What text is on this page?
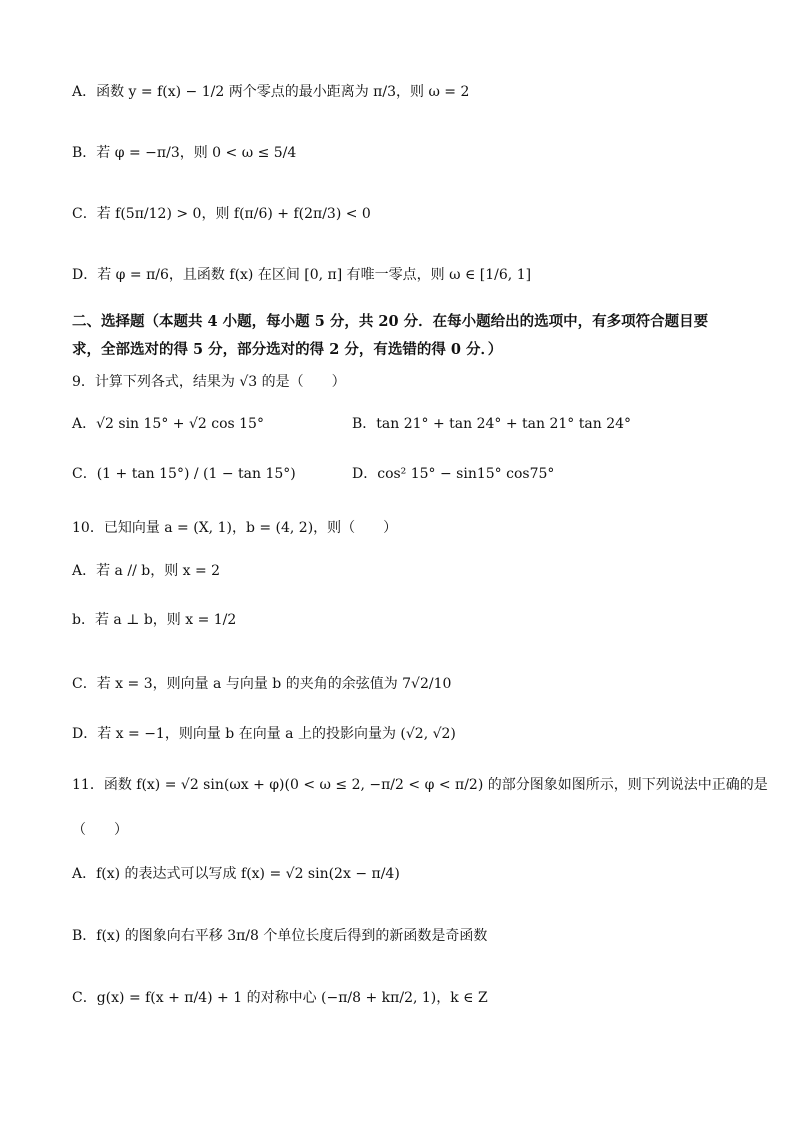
A．函数 y = f(x) − 1/2 两个零点的最小距离为 π/3，则 ω = 2
B．若 φ = −π/3，则 0 < ω ≤ 5/4
C．若 f(5π/12) > 0，则 f(π/6) + f(2π/3) < 0
D．若 φ = π/6，且函数 f(x) 在区间 [0, π] 有唯一零点，则 ω ∈ [1/6, 1]
二、选择题（本题共 4 小题，每小题 5 分，共 20 分．在每小题给出的选项中，有多项符合题目要求，全部选对的得 5 分，部分选对的得 2 分，有选错的得 0 分．）
9．计算下列各式，结果为 √3 的是（　　）
A．√2 sin 15° + √2 cos 15°	B．tan 21° + tan 24° + tan 21° tan 24°
C．(1 + tan 15°) / (1 − tan 15°)	D．cos² 15° − sin15° cos75°
10．已知向量 a = (X, 1)，b = (4, 2)，则（　　）
A．若 a // b，则 x = 2
b．若 a ⊥ b，则 x = 1/2
C．若 x = 3，则向量 a 与向量 b 的夹角的余弦值为 7√2/10
D．若 x = −1，则向量 b 在向量 a 上的投影向量为 (√2, √2)
11．函数 f(x) = √2 sin(ωx + φ)(0 < ω ≤ 2, −π/2 < φ < π/2) 的部分图象如图所示，则下列说法中正确的是
（　　）
A．f(x) 的表达式可以写成 f(x) = √2 sin(2x − π/4)
B．f(x) 的图象向右平移 3π/8 个单位长度后得到的新函数是奇函数
C．g(x) = f(x + π/4) + 1 的对称中心 (−π/8 + kπ/2, 1)，k ∈ Z
